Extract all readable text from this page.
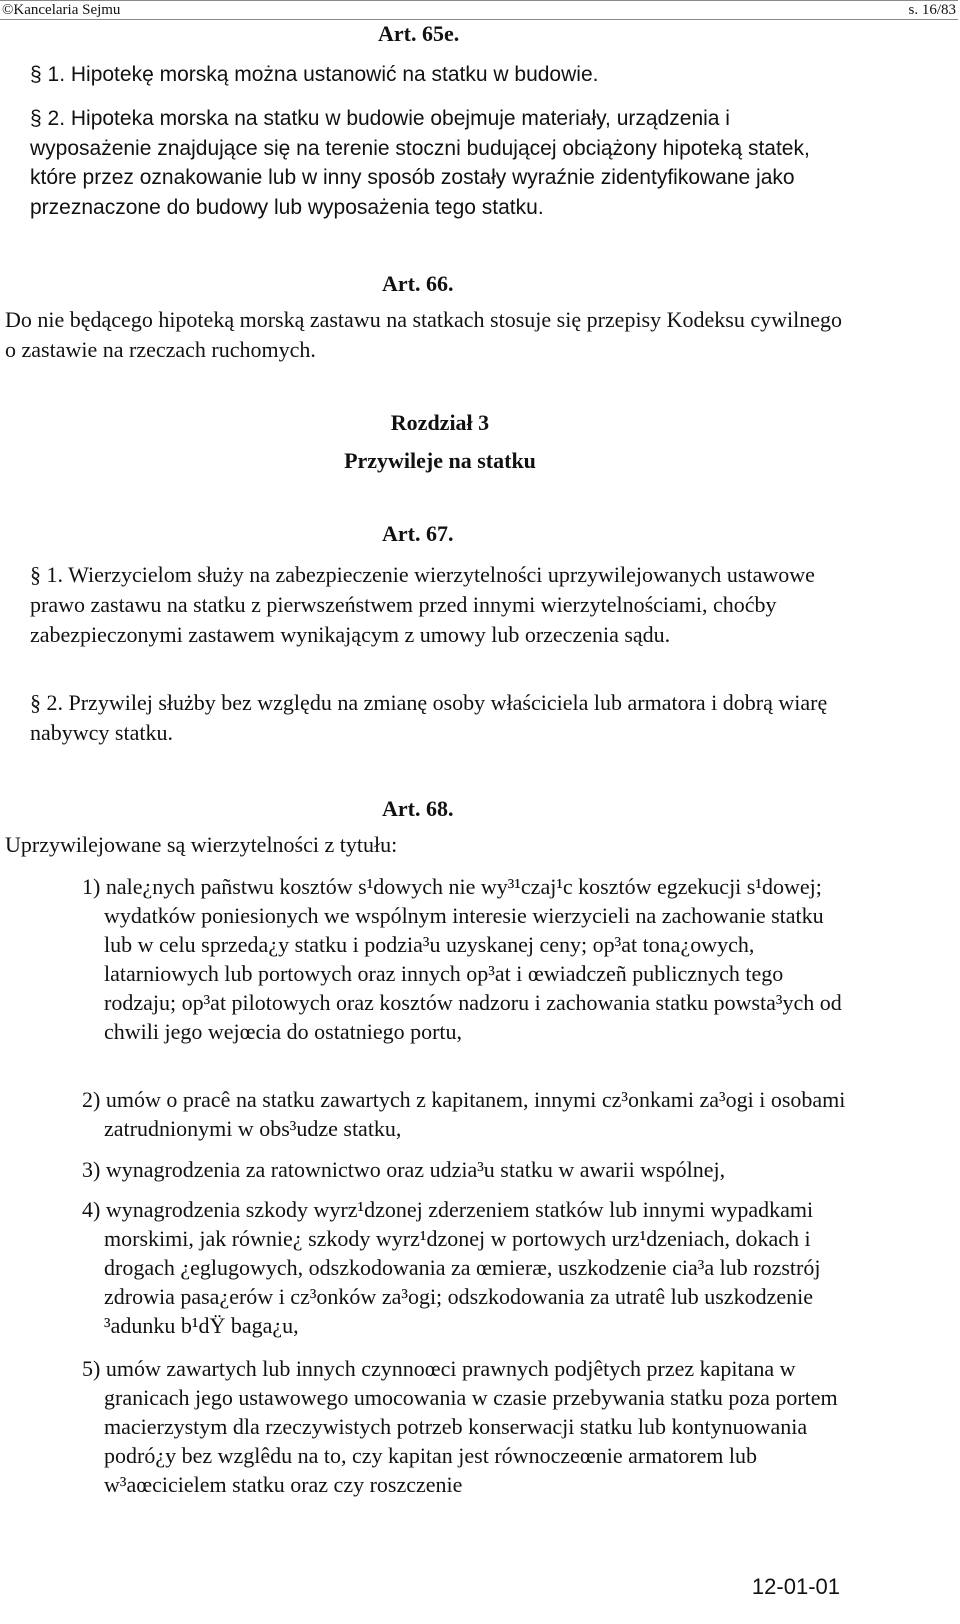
©Kancelaria Sejmu	s. 16/83
Art. 65e.
§ 1. Hipotekę morską można ustanowić na statku w budowie.
§ 2. Hipoteka morska na statku w budowie obejmuje materiały, urządzenia i wyposażenie znajdujące się na terenie stoczni budującej obciążony hipoteką statek, które przez oznakowanie lub w inny sposób zostały wyraźnie zidentyfikowane jako przeznaczone do budowy lub wyposażenia tego statku.
Art. 66.
Do nie będącego hipoteką morską zastawu na statkach stosuje się przepisy Kodeksu cywilnego o zastawie na rzeczach ruchomych.
Rozdział 3
Przywileje na statku
Art. 67.
§ 1. Wierzycielom służy na zabezpieczenie wierzytelności uprzywilejowanych ustawowe prawo zastawu na statku z pierwszeństwem przed innymi wierzytelnościami, choćby zabezpieczonymi zastawem wynikającym z umowy lub orzeczenia sądu.
§ 2. Przywilej służby bez względu na zmianę osoby właściciela lub armatora i dobrą wiarę nabywcy statku.
Art. 68.
Uprzywilejowane są wierzytelności z tytułu:
1) nale¿nych pañstwu kosztów s¹dowych nie wy³¹czaj¹c kosztów egzekucji s¹dowej; wydatków poniesionych we wspólnym interesie wierzycieli na zachowanie statku lub w celu sprzeda¿y statku i podzia³u uzyskanej ceny; op³at tona¿owych, latarniowych lub portowych oraz innych op³at i œwiadczeñ publicznych tego rodzaju; op³at pilotowych oraz kosztów nadzoru i zachowania statku powsta³ych od chwili jego wejœcia do ostatniego portu,
2) umów o pracê na statku zawartych z kapitanem, innymi cz³onkami za³ogi i osobami zatrudnionymi w obs³udze statku,
3) wynagrodzenia za ratownictwo oraz udzia³u statku w awarii wspólnej,
4) wynagrodzenia szkody wyrz¹dzonej zderzeniem statków lub innymi wypadkami morskimi, jak równie¿ szkody wyrz¹dzonej w portowych urz¹dzeniach, dokach i drogach ¿eglugowych, odszkodowania za œmieræ, uszkodzenie cia³a lub rozstrój zdrowia pasa¿erów i cz³onków za³ogi; odszkodowania za utratê lub uszkodzenie ³adunku b¹dŸ baga¿u,
5) umów zawartych lub innych czynnoœci prawnych podjêtych przez kapitana w granicach jego ustawowego umocowania w czasie przebywania statku poza portem macierzystym dla rzeczywistych potrzeb konserwacji statku lub kontynuowania podró¿y bez wzglêdu na to, czy kapitan jest równoczeœnie armatorem lub w³aœcicielem statku oraz czy roszczenie
12-01-01
